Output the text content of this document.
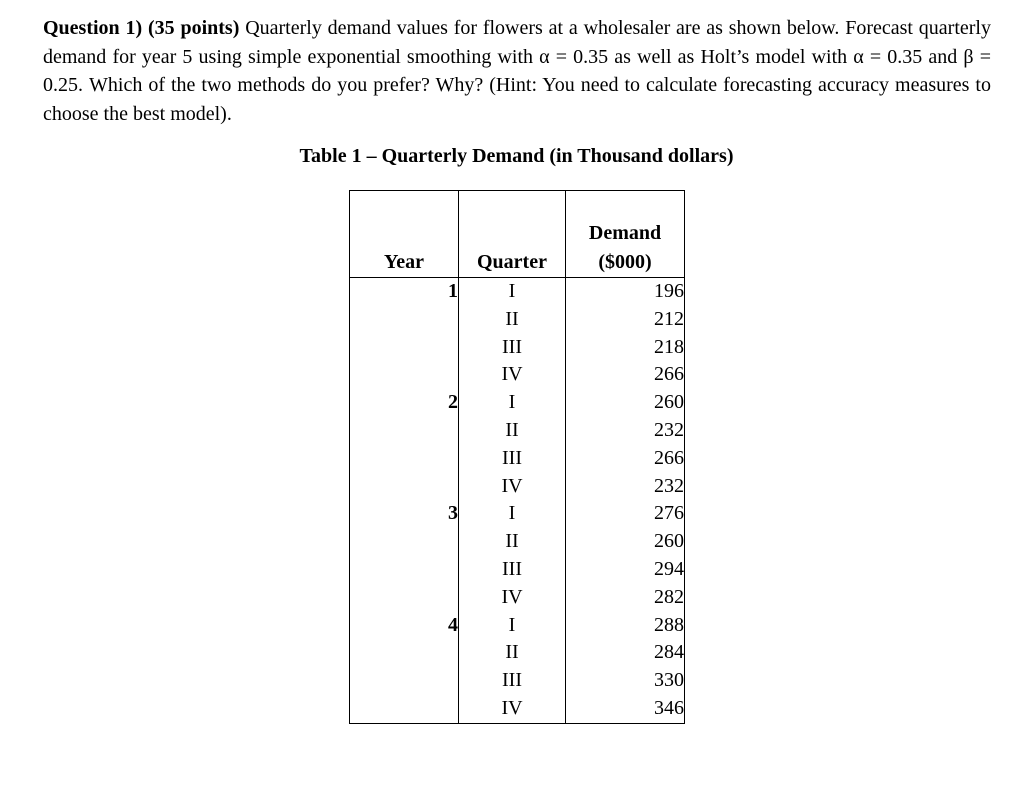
Question 1) (35 points) Quarterly demand values for flowers at a wholesaler are as shown below. Forecast quarterly demand for year 5 using simple exponential smoothing with α = 0.35 as well as Holt’s model with α = 0.35 and β = 0.25. Which of the two methods do you prefer? Why? (Hint: You need to calculate forecasting accuracy measures to choose the best model).

Table 1 – Quarterly Demand (in Thousand dollars)

Year	Quarter	Demand
($000)

1	I	196
	II	212
	III	218
	IV	266
2	I	260
	II	232
	III	266
	IV	232
3	I	276
	II	260
	III	294
	IV	282
4	I	288
	II	284
	III	330
	IV	346
